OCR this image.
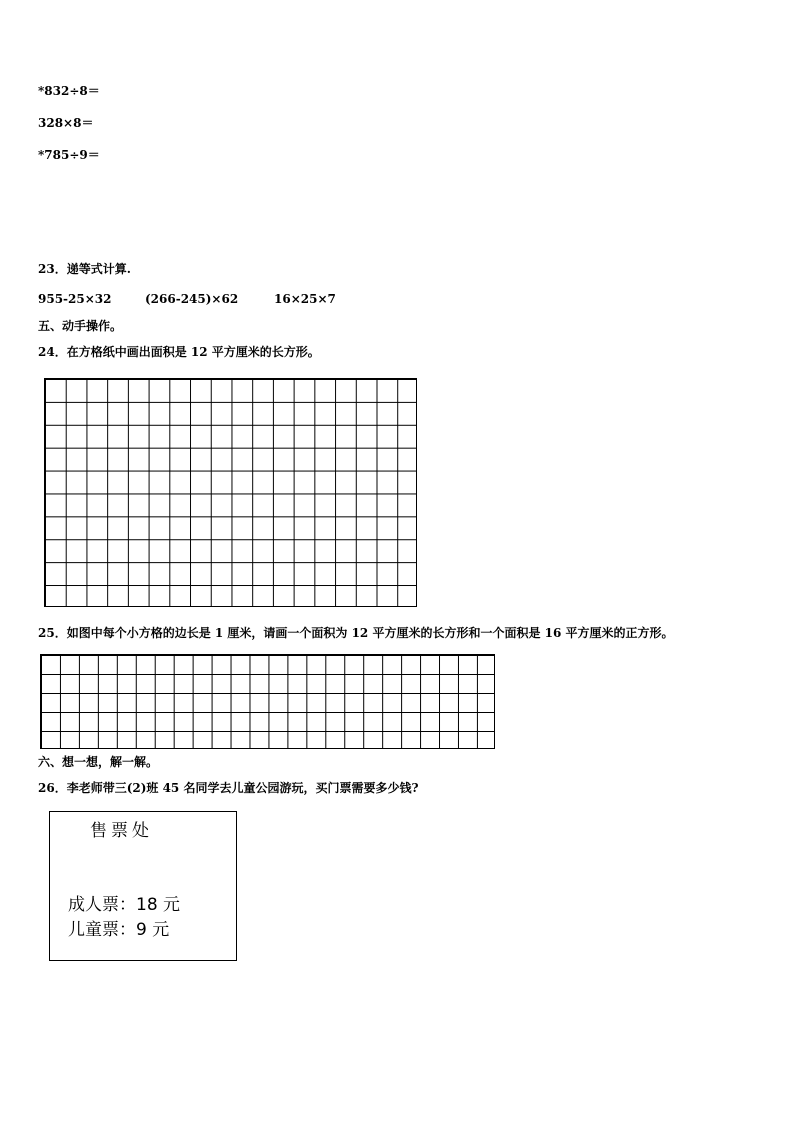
*832÷8＝
328×8＝
*785÷9＝
23．递等式计算.
955-25×32	(266-245)×62	16×25×7
五、动手操作。
24．在方格纸中画出面积是 12 平方厘米的长方形。
25．如图中每个小方格的边长是 1 厘米，请画一个面积为 12 平方厘米的长方形和一个面积是 16 平方厘米的正方形。
六、想一想，解一解。
26．李老师带三(2)班 45 名同学去儿童公园游玩，买门票需要多少钱?
售票处
成人票：18 元
儿童票：9 元
